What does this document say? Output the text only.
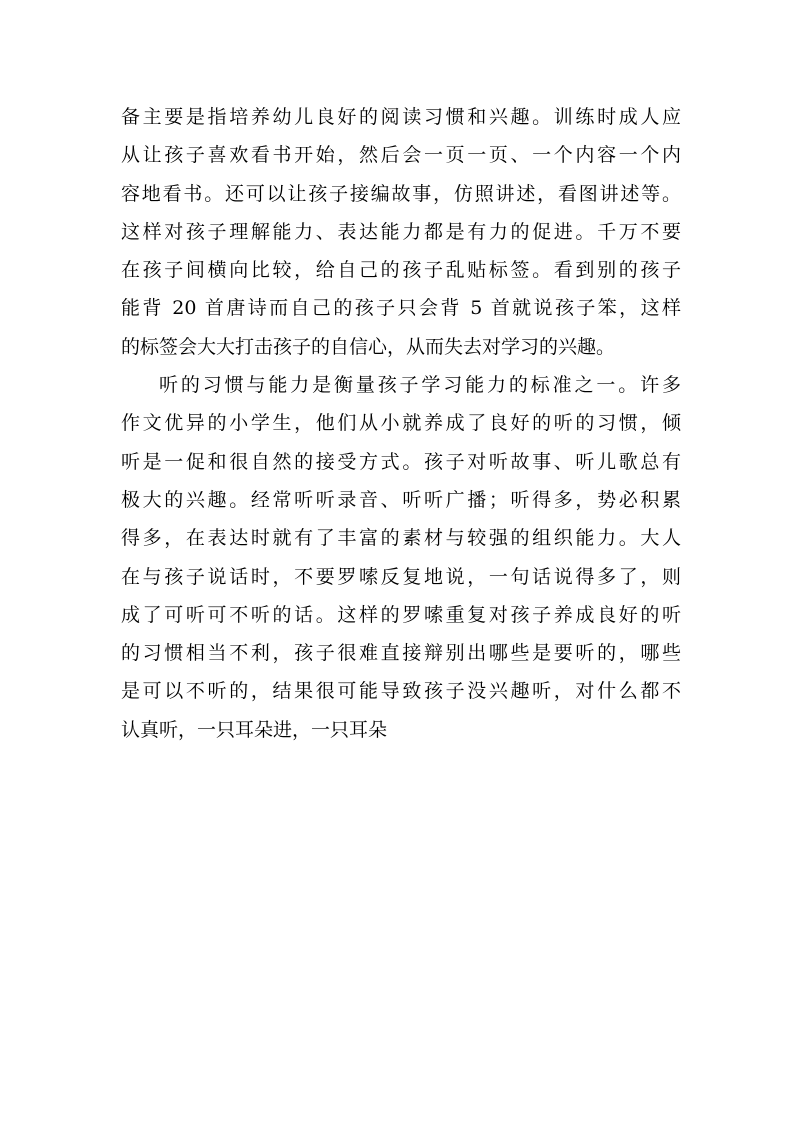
备主要是指培养幼儿良好的阅读习惯和兴趣。训练时成人应
从让孩子喜欢看书开始，然后会一页一页、一个内容一个内
容地看书。还可以让孩子接编故事，仿照讲述，看图讲述等。
这样对孩子理解能力、表达能力都是有力的促进。千万不要
在孩子间横向比较，给自己的孩子乱贴标签。看到别的孩子
能背 20 首唐诗而自己的孩子只会背 5 首就说孩子笨，这样
的标签会大大打击孩子的自信心，从而失去对学习的兴趣。
听的习惯与能力是衡量孩子学习能力的标准之一。许多
作文优异的小学生，他们从小就养成了良好的听的习惯，倾
听是一促和很自然的接受方式。孩子对听故事、听儿歌总有
极大的兴趣。经常听听录音、听听广播；听得多，势必积累
得多，在表达时就有了丰富的素材与较强的组织能力。大人
在与孩子说话时，不要罗嗦反复地说，一句话说得多了，则
成了可听可不听的话。这样的罗嗦重复对孩子养成良好的听
的习惯相当不利，孩子很难直接辩别出哪些是要听的，哪些
是可以不听的，结果很可能导致孩子没兴趣听，对什么都不
认真听，一只耳朵进，一只耳朵
